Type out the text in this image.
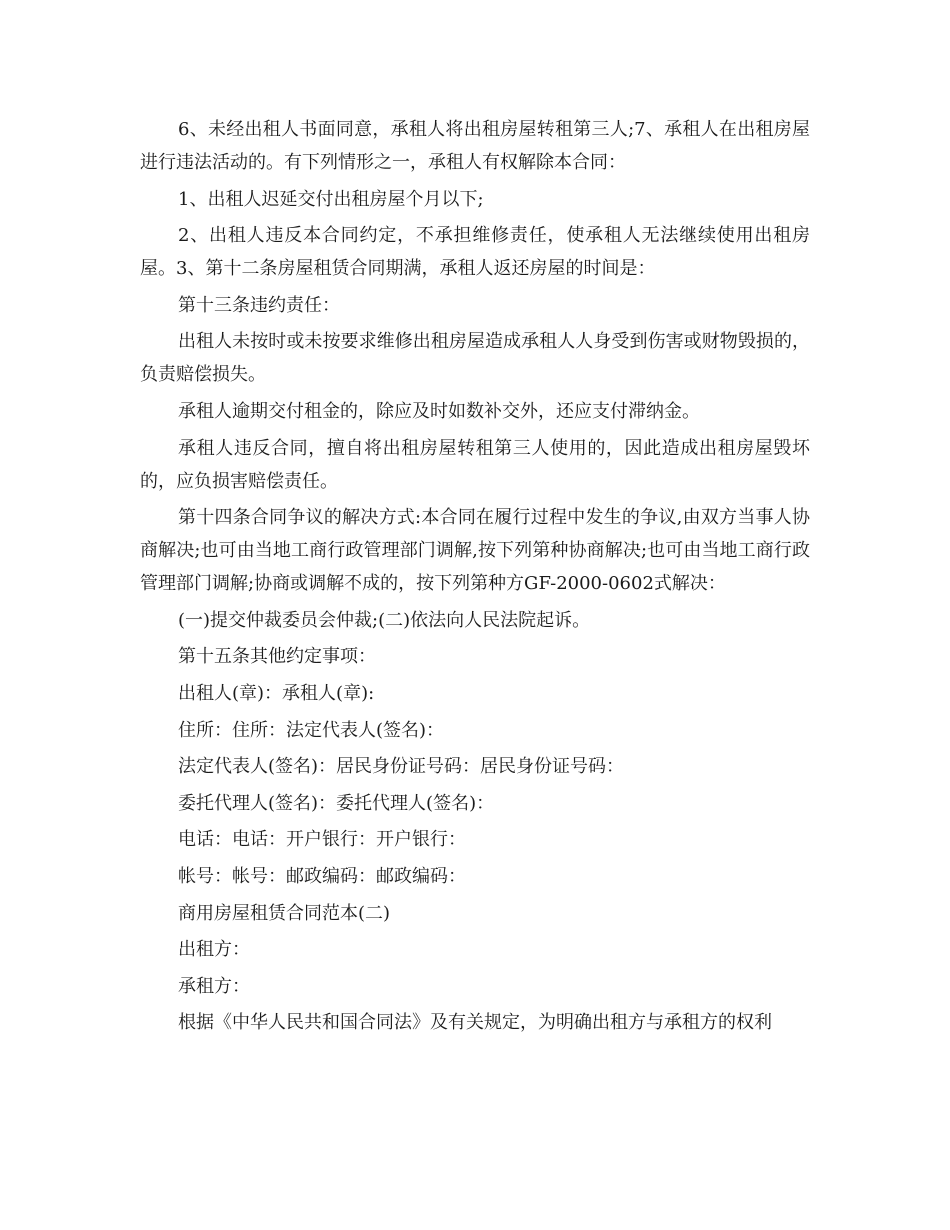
6、未经出租人书面同意，承租人将出租房屋转租第三人;7、承租人在出租房屋进行违法活动的。有下列情形之一，承租人有权解除本合同：

1、出租人迟延交付出租房屋个月以下;

2、出租人违反本合同约定，不承担维修责任，使承租人无法继续使用出租房屋。3、第十二条房屋租赁合同期满，承租人返还房屋的时间是：

第十三条违约责任：

出租人未按时或未按要求维修出租房屋造成承租人人身受到伤害或财物毁损的，负责赔偿损失。

承租人逾期交付租金的，除应及时如数补交外，还应支付滞纳金。

承租人违反合同，擅自将出租房屋转租第三人使用的，因此造成出租房屋毁坏的，应负损害赔偿责任。

第十四条合同争议的解决方式:本合同在履行过程中发生的争议,由双方当事人协商解决;也可由当地工商行政管理部门调解,按下列第种协商解决;也可由当地工商行政管理部门调解;协商或调解不成的，按下列第种方GF-2000-0602式解决：

(一)提交仲裁委员会仲裁;(二)依法向人民法院起诉。

第十五条其他约定事项：

出租人(章)：承租人(章):

住所：住所：法定代表人(签名)：

法定代表人(签名)：居民身份证号码：居民身份证号码：

委托代理人(签名)：委托代理人(签名)：

电话：电话：开户银行：开户银行：

帐号：帐号：邮政编码：邮政编码：

商用房屋租赁合同范本(二)

出租方：

承租方：

根据《中华人民共和国合同法》及有关规定，为明确出租方与承租方的权利
